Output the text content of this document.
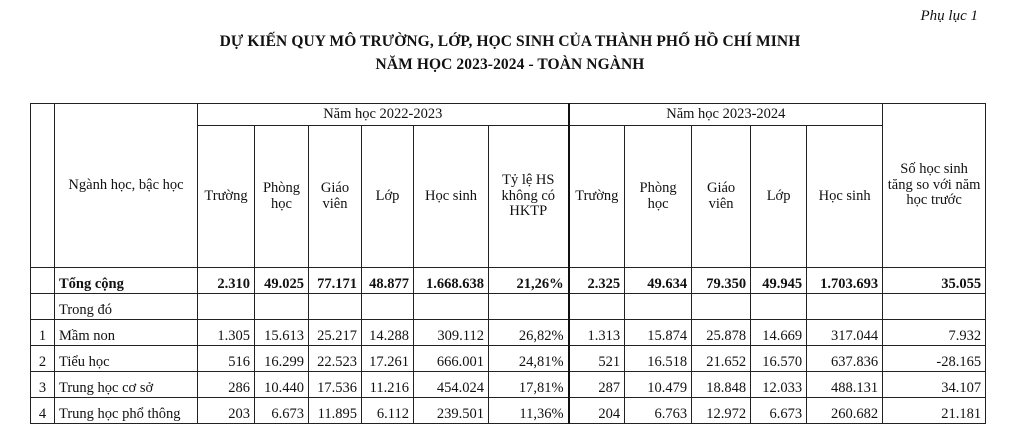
Phụ lục 1
DỰ KIẾN QUY MÔ TRƯỜNG, LỚP, HỌC SINH CỦA THÀNH PHỐ HỒ CHÍ MINH
NĂM HỌC 2023-2024 - TOÀN NGÀNH
	Ngành học, bậc học	Năm học 2022-2023						Năm học 2023-2024					Số học sinh tăng so với năm học trước
		Trường	Phòng học	Giáo viên	Lớp	Học sinh	Tỷ lệ HS không có HKTP	Trường	Phòng học	Giáo viên	Lớp	Học sinh	
	Tổng cộng	2.310	49.025	77.171	48.877	1.668.638	21,26%	2.325	49.634	79.350	49.945	1.703.693	35.055
	Trong đó												
1	Mầm non	1.305	15.613	25.217	14.288	309.112	26,82%	1.313	15.874	25.878	14.669	317.044	7.932
2	Tiểu học	516	16.299	22.523	17.261	666.001	24,81%	521	16.518	21.652	16.570	637.836	-28.165
3	Trung học cơ sở	286	10.440	17.536	11.216	454.024	17,81%	287	10.479	18.848	12.033	488.131	34.107
4	Trung học phổ thông	203	6.673	11.895	6.112	239.501	11,36%	204	6.763	12.972	6.673	260.682	21.181
